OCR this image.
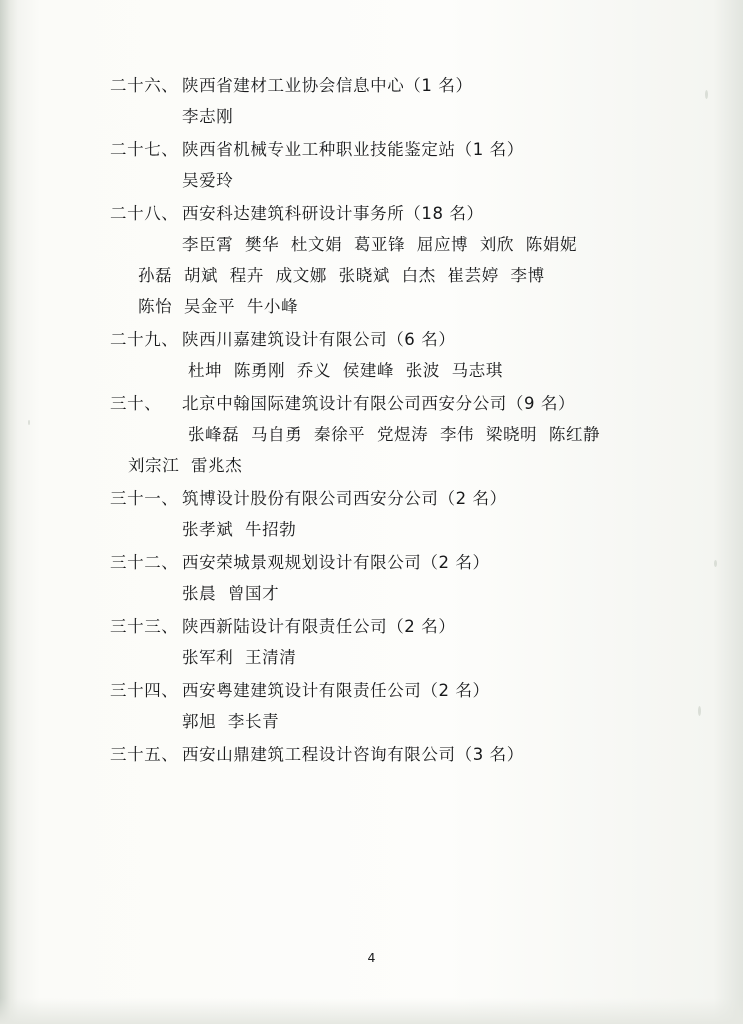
二十六、 陕西省建材工业协会信息中心（1 名）
李志刚
二十七、 陕西省机械专业工种职业技能鉴定站（1 名）
吴爱玲
二十八、 西安科达建筑科研设计事务所（18 名）
李臣霄  樊华  杜文娟  葛亚锋  屈应博  刘欣  陈娟妮
孙磊  胡斌  程卉  成文娜  张晓斌  白杰  崔芸婷  李博
陈怡  吴金平  牛小峰
二十九、 陕西川嘉建筑设计有限公司（6 名）
杜坤  陈勇刚  乔义  侯建峰  张波  马志琪
三十、 北京中翰国际建筑设计有限公司西安分公司（9 名）
张峰磊  马自勇  秦徐平  党煜涛  李伟  梁晓明  陈红静
刘宗江  雷兆杰
三十一、 筑博设计股份有限公司西安分公司（2 名）
张孝斌  牛招勃
三十二、 西安荣城景观规划设计有限公司（2 名）
张晨  曾国才
三十三、 陕西新陆设计有限责任公司（2 名）
张军利  王清清
三十四、 西安粤建建筑设计有限责任公司（2 名）
郭旭  李长青
三十五、 西安山鼎建筑工程设计咨询有限公司（3 名）
4
